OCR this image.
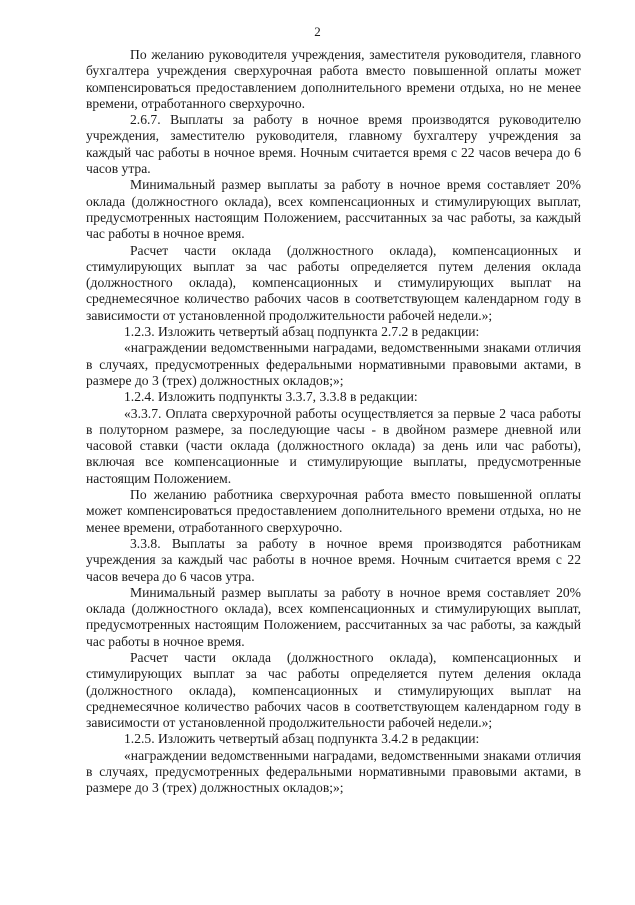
2

По желанию руководителя учреждения, заместителя руководителя, главного бухгалтера учреждения сверхурочная работа вместо повышенной оплаты может компенсироваться предоставлением дополнительного времени отдыха, но не менее времени, отработанного сверхурочно.

2.6.7. Выплаты за работу в ночное время производятся руководителю учреждения, заместителю руководителя, главному бухгалтеру учреждения за каждый час работы в ночное время. Ночным считается время с 22 часов вечера до 6 часов утра.

Минимальный размер выплаты за работу в ночное время составляет 20% оклада (должностного оклада), всех компенсационных и стимулирующих выплат, предусмотренных настоящим Положением, рассчитанных за час работы, за каждый час работы в ночное время.

Расчет части оклада (должностного оклада), компенсационных и стимулирующих выплат за час работы определяется путем деления оклада (должностного оклада), компенсационных и стимулирующих выплат на среднемесячное количество рабочих часов в соответствующем календарном году в зависимости от установленной продолжительности рабочей недели.»;

1.2.3. Изложить четвертый абзац подпункта 2.7.2 в редакции:

«награждении ведомственными наградами, ведомственными знаками отличия в случаях, предусмотренных федеральными нормативными правовыми актами, в размере до 3 (трех) должностных окладов;»;

1.2.4. Изложить подпункты 3.3.7, 3.3.8 в редакции:

«3.3.7. Оплата сверхурочной работы осуществляется за первые 2 часа работы в полуторном размере, за последующие часы - в двойном размере дневной или часовой ставки (части оклада (должностного оклада) за день или час работы), включая все компенсационные и стимулирующие выплаты, предусмотренные настоящим Положением.

По желанию работника сверхурочная работа вместо повышенной оплаты может компенсироваться предоставлением дополнительного времени отдыха, но не менее времени, отработанного сверхурочно.

3.3.8. Выплаты за работу в ночное время производятся работникам учреждения за каждый час работы в ночное время. Ночным считается время с 22 часов вечера до 6 часов утра.

Минимальный размер выплаты за работу в ночное время составляет 20% оклада (должностного оклада), всех компенсационных и стимулирующих выплат, предусмотренных настоящим Положением, рассчитанных за час работы, за каждый час работы в ночное время.

Расчет части оклада (должностного оклада), компенсационных и стимулирующих выплат за час работы определяется путем деления оклада (должностного оклада), компенсационных и стимулирующих выплат на среднемесячное количество рабочих часов в соответствующем календарном году в зависимости от установленной продолжительности рабочей недели.»;

1.2.5. Изложить четвертый абзац подпункта 3.4.2 в редакции:

«награждении ведомственными наградами, ведомственными знаками отличия в случаях, предусмотренных федеральными нормативными правовыми актами, в размере до 3 (трех) должностных окладов;»;
